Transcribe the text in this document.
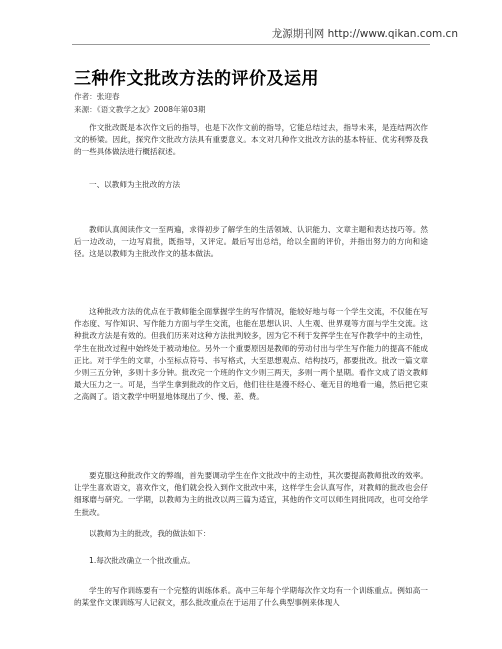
龙源期刊网 http://www.qikan.com.cn
三种作文批改方法的评价及运用
作者：张迎春
来源：《语文教学之友》2008年第03期

作文批改既是本次作文后的指导，也是下次作文前的指导，它能总结过去，指导未来，是连结两次作文的桥梁。因此，探究作文批改方法具有重要意义。本文对几种作文批改方法的基本特征、优劣利弊及我的一些具体做法进行概括叙述。

一、以教师为主批改的方法

教师认真阅读作文一至两遍，求得初步了解学生的生活领域、认识能力、文章主题和表达技巧等。然后一边改动，一边写肩批，既指导，又评定。最后写出总结，给以全面的评价，并指出努力的方向和途径。这是以教师为主批改作文的基本做法。

这种批改方法的优点在于教师能全面掌握学生的写作情况，能较好地与每一个学生交流，不仅能在写作态度、写作知识、写作能力方面与学生交流，也能在思想认识、人生观、世界观等方面与学生交流。这种批改方法是有效的。但我们历来对这种方法批判较多，因为它不利于发挥学生在写作教学中的主动性，学生在批改过程中始终处于被动地位。另外一个重要原因是教师的劳动付出与学生写作能力的提高不能成正比。对于学生的文章，小至标点符号、书写格式，大至思想观点、结构技巧，都要批改。批改一篇文章少则三五分钟，多则十多分钟。批改完一个班的作文少则三两天，多则一两个星期。看作文成了语文教师最大压力之一。可是，当学生拿到批改的作文后，他们往往是漫不经心、毫无目的地看一遍，然后把它束之高阁了。语文教学中明显地体现出了少、慢、差、费。

要克服这种批改作文的弊端，首先要调动学生在作文批改中的主动性，其次要提高教师批改的效率。让学生喜欢语文，喜欢作文，他们就会投入到作文批改中来，这样学生会认真写作，对教师的批改也会仔细琢磨与研究。一学期，以教师为主的批改以两三篇为适宜，其他的作文可以师生同批同改，也可交给学生批改。

以教师为主的批改，我的做法如下：

1.每次批改确立一个批改重点。

学生的写作训练要有一个完整的训练体系。高中三年每个学期每次作文均有一个训练重点。例如高一的某堂作文课训练写人记叙文，那么批改重点在于运用了什么典型事例来体现人
